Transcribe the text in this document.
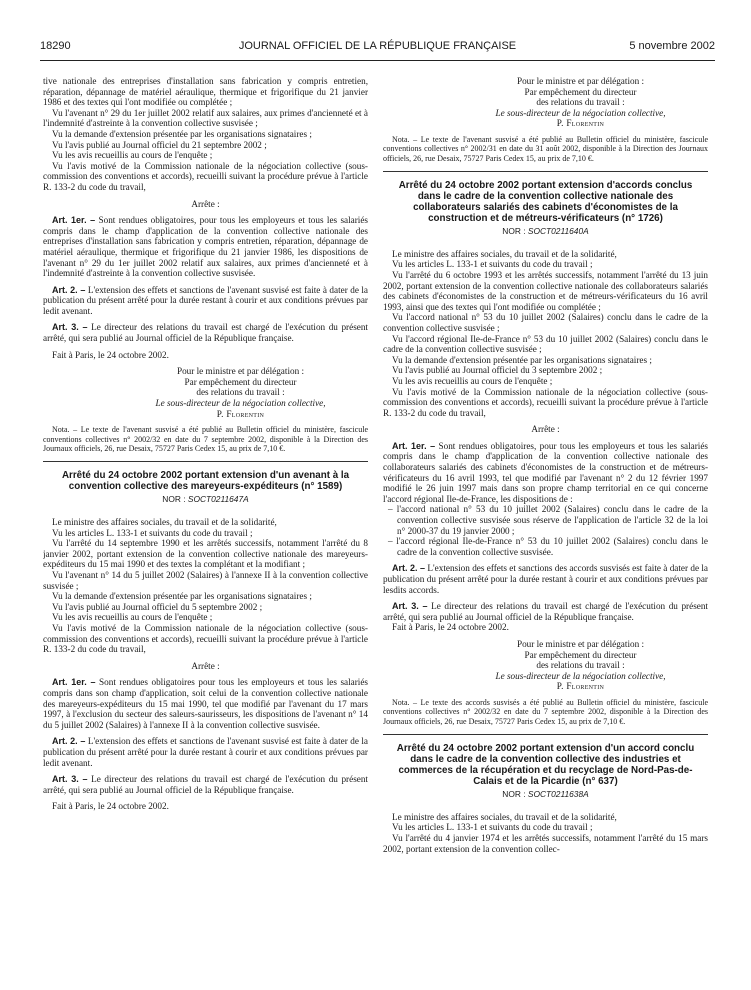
18290	JOURNAL OFFICIEL DE LA RÉPUBLIQUE FRANÇAISE	5 novembre 2002

tive nationale des entreprises d'installation sans fabrication y compris entretien, réparation, dépannage de matériel aéraulique, thermique et frigorifique du 21 janvier 1986 et des textes qui l'ont modifiée ou complétée ;

Vu l'avenant n° 29 du 1er juillet 2002 relatif aux salaires, aux primes d'ancienneté et à l'indemnité d'astreinte à la convention collective susvisée ;

Vu la demande d'extension présentée par les organisations signataires ;

Vu l'avis publié au Journal officiel du 21 septembre 2002 ;

Vu les avis recueillis au cours de l'enquête ;

Vu l'avis motivé de la Commission nationale de la négociation collective (sous-commission des conventions et accords), recueilli suivant la procédure prévue à l'article R. 133-2 du code du travail,

Arrête :

Art. 1er. – Sont rendues obligatoires, pour tous les employeurs et tous les salariés compris dans le champ d'application de la convention collective nationale des entreprises d'installation sans fabrication y compris entretien, réparation, dépannage de matériel aéraulique, thermique et frigorifique du 21 janvier 1986, les dispositions de l'avenant n° 29 du 1er juillet 2002 relatif aux salaires, aux primes d'ancienneté et à l'indemnité d'astreinte à la convention collective susvisée.

Art. 2. – L'extension des effets et sanctions de l'avenant susvisé est faite à dater de la publication du présent arrêté pour la durée restant à courir et aux conditions prévues par ledit avenant.

Art. 3. – Le directeur des relations du travail est chargé de l'exécution du présent arrêté, qui sera publié au Journal officiel de la République française.

Fait à Paris, le 24 octobre 2002.

Pour le ministre et par délégation :

Par empêchement du directeur

des relations du travail :

Le sous-directeur de la négociation collective,

P. Florentin

Nota. – Le texte de l'avenant susvisé a été publié au Bulletin officiel du ministère, fascicule conventions collectives n° 2002/32 en date du 7 septembre 2002, disponible à la Direction des Journaux officiels, 26, rue Desaix, 75727 Paris Cedex 15, au prix de 7,10 €.

Arrêté du 24 octobre 2002 portant extension d'un avenant à la convention collective des mareyeurs-expéditeurs (n° 1589)

NOR : SOCT0211647A

Le ministre des affaires sociales, du travail et de la solidarité,

Vu les articles L. 133-1 et suivants du code du travail ;

Vu l'arrêté du 14 septembre 1990 et les arrêtés successifs, notamment l'arrêté du 8 janvier 2002, portant extension de la convention collective nationale des mareyeurs-expéditeurs du 15 mai 1990 et des textes la complétant et la modifiant ;

Vu l'avenant n° 14 du 5 juillet 2002 (Salaires) à l'annexe II à la convention collective susvisée ;

Vu la demande d'extension présentée par les organisations signataires ;

Vu l'avis publié au Journal officiel du 5 septembre 2002 ;

Vu les avis recueillis au cours de l'enquête ;

Vu l'avis motivé de la Commission nationale de la négociation collective (sous-commission des conventions et accords), recueilli suivant la procédure prévue à l'article R. 133-2 du code du travail,

Arrête :

Art. 1er. – Sont rendues obligatoires pour tous les employeurs et tous les salariés compris dans son champ d'application, soit celui de la convention collective nationale des mareyeurs-expéditeurs du 15 mai 1990, tel que modifié par l'avenant du 17 mars 1997, à l'exclusion du secteur des saleurs-saurisseurs, les dispositions de l'avenant n° 14 du 5 juillet 2002 (Salaires) à l'annexe II à la convention collective susvisée.

Art. 2. – L'extension des effets et sanctions de l'avenant susvisé est faite à dater de la publication du présent arrêté pour la durée restant à courir et aux conditions prévues par ledit avenant.

Art. 3. – Le directeur des relations du travail est chargé de l'exécution du présent arrêté, qui sera publié au Journal officiel de la République française.

Fait à Paris, le 24 octobre 2002.

Pour le ministre et par délégation :

Par empêchement du directeur

des relations du travail :

Le sous-directeur de la négociation collective,

P. Florentin

Nota. – Le texte de l'avenant susvisé a été publié au Bulletin officiel du ministère, fascicule conventions collectives n° 2002/31 en date du 31 août 2002, disponible à la Direction des Journaux officiels, 26, rue Desaix, 75727 Paris Cedex 15, au prix de 7,10 €.

Arrêté du 24 octobre 2002 portant extension d'accords conclus dans le cadre de la convention collective nationale des collaborateurs salariés des cabinets d'économistes de la construction et de métreurs-vérificateurs (n° 1726)

NOR : SOCT0211640A

Le ministre des affaires sociales, du travail et de la solidarité,

Vu les articles L. 133-1 et suivants du code du travail ;

Vu l'arrêté du 6 octobre 1993 et les arrêtés successifs, notamment l'arrêté du 13 juin 2002, portant extension de la convention collective nationale des collaborateurs salariés des cabinets d'économistes de la construction et de métreurs-vérificateurs du 16 avril 1993, ainsi que des textes qui l'ont modifiée ou complétée ;

Vu l'accord national n° 53 du 10 juillet 2002 (Salaires) conclu dans le cadre de la convention collective susvisée ;

Vu l'accord régional Ile-de-France n° 53 du 10 juillet 2002 (Salaires) conclu dans le cadre de la convention collective susvisée ;

Vu la demande d'extension présentée par les organisations signataires ;

Vu l'avis publié au Journal officiel du 3 septembre 2002 ;

Vu les avis recueillis au cours de l'enquête ;

Vu l'avis motivé de la Commission nationale de la négociation collective (sous-commission des conventions et accords), recueilli suivant la procédure prévue à l'article R. 133-2 du code du travail,

Arrête :

Art. 1er. – Sont rendues obligatoires, pour tous les employeurs et tous les salariés compris dans le champ d'application de la convention collective nationale des collaborateurs salariés des cabinets d'économistes de la construction et de métreurs-vérificateurs du 16 avril 1993, tel que modifié par l'avenant n° 2 du 12 février 1997 modifié le 26 juin 1997 mais dans son propre champ territorial en ce qui concerne l'accord régional Ile-de-France, les dispositions de :

– l'accord national n° 53 du 10 juillet 2002 (Salaires) conclu dans le cadre de la convention collective susvisée sous réserve de l'application de l'article 32 de la loi n° 2000-37 du 19 janvier 2000 ;

– l'accord régional Ile-de-France n° 53 du 10 juillet 2002 (Salaires) conclu dans le cadre de la convention collective susvisée.

Art. 2. – L'extension des effets et sanctions des accords susvisés est faite à dater de la publication du présent arrêté pour la durée restant à courir et aux conditions prévues par lesdits accords.

Art. 3. – Le directeur des relations du travail est chargé de l'exécution du présent arrêté, qui sera publié au Journal officiel de la République française.

Fait à Paris, le 24 octobre 2002.

Pour le ministre et par délégation :

Par empêchement du directeur

des relations du travail :

Le sous-directeur de la négociation collective,

P. Florentin

Nota. – Le texte des accords susvisés a été publié au Bulletin officiel du ministère, fascicule conventions collectives n° 2002/32 en date du 7 septembre 2002, disponible à la Direction des Journaux officiels, 26, rue Desaix, 75727 Paris Cedex 15, au prix de 7,10 €.

Arrêté du 24 octobre 2002 portant extension d'un accord conclu dans le cadre de la convention collective des industries et commerces de la récupération et du recyclage de Nord-Pas-de-Calais et de la Picardie (n° 637)

NOR : SOCT0211638A

Le ministre des affaires sociales, du travail et de la solidarité,

Vu les articles L. 133-1 et suivants du code du travail ;

Vu l'arrêté du 4 janvier 1974 et les arrêtés successifs, notamment l'arrêté du 15 mars 2002, portant extension de la convention collec-
